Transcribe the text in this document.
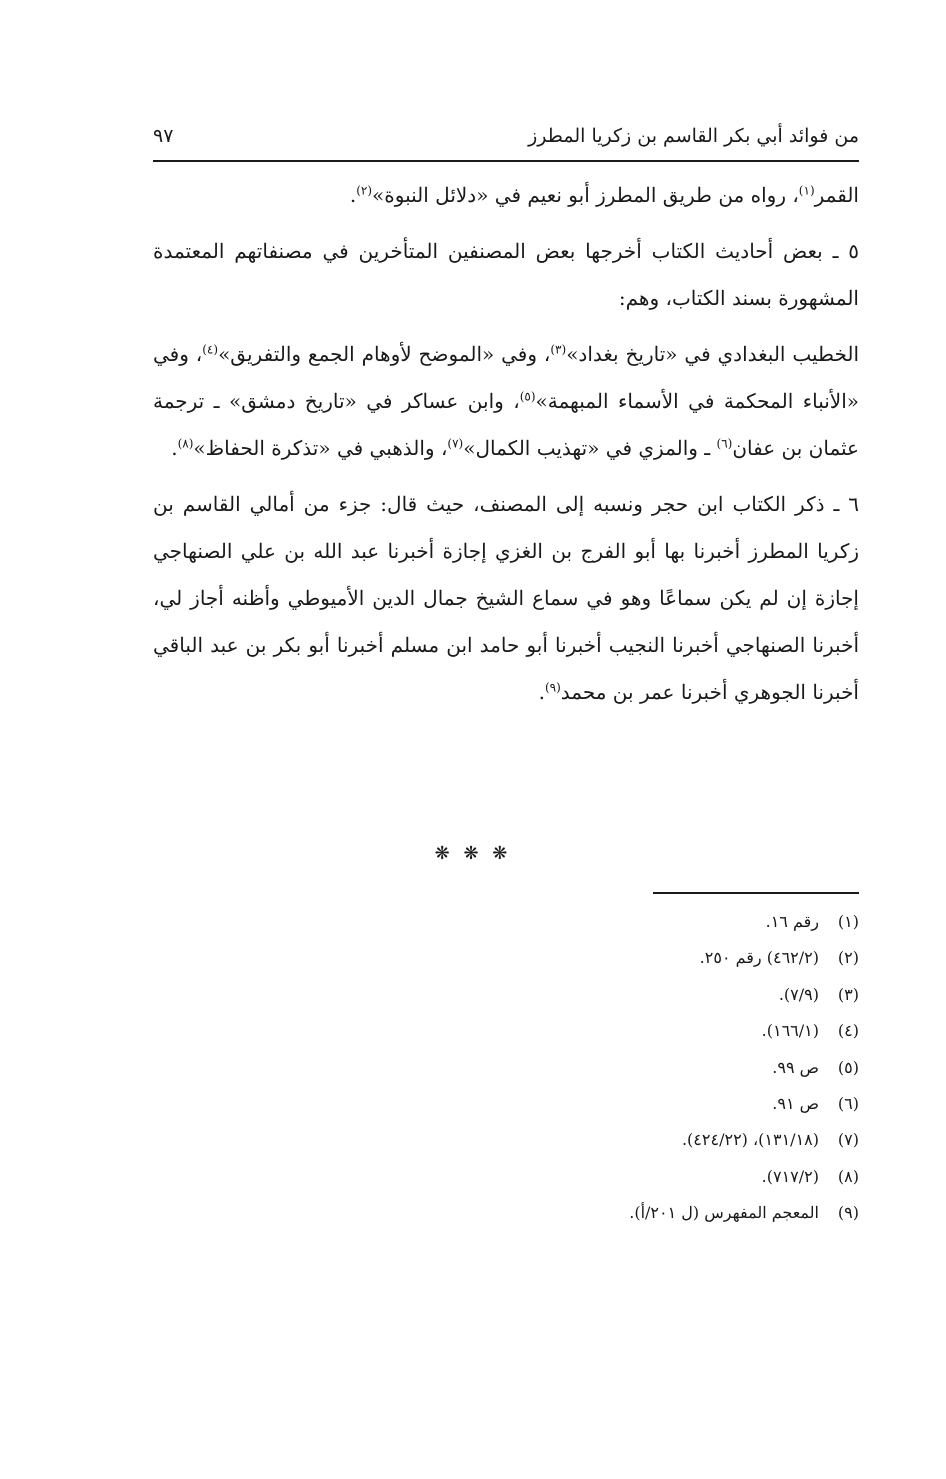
من فوائد أبي بكر القاسم بن زكريا المطرز
٩٧

القمر$^{(١)}$، رواه من طريق المطرز أبو نعيم في «دلائل النبوة»$^{(٢)}$.

٥ ـ بعض أحاديث الكتاب أخرجها بعض المصنفين المتأخرين في مصنفاتهم المعتمدة المشهورة بسند الكتاب، وهم:

الخطيب البغدادي في «تاريخ بغداد»$^{(٣)}$، وفي «الموضح لأوهام الجمع والتفريق»$^{(٤)}$، وفي «الأنباء المحكمة في الأسماء المبهمة»$^{(٥)}$، وابن عساكر في «تاريخ دمشق» ـ ترجمة عثمان بن عفان$^{(٦)}$ ـ والمزي في «تهذيب الكمال»$^{(٧)}$، والذهبي في «تذكرة الحفاظ»$^{(٨)}$.

٦ ـ ذكر الكتاب ابن حجر ونسبه إلى المصنف، حيث قال: جزء من أمالي القاسم بن زكريا المطرز أخبرنا بها أبو الفرج بن الغزي إجازة أخبرنا عبد الله بن علي الصنهاجي إجازة إن لم يكن سماعًا وهو في سماع الشيخ جمال الدين الأميوطي وأظنه أجاز لي، أخبرنا الصنهاجي أخبرنا النجيب أخبرنا أبو حامد ابن مسلم أخبرنا أبو بكر بن عبد الباقي أخبرنا الجوهري أخبرنا عمر بن محمد$^{(٩)}$.

❋ ❋ ❋
(١)رقم ١٦.
(٢)(٤٦٢/٢) رقم ٢٥٠.
(٣)(٧/٩).
(٤)(١٦٦/١).
(٥)ص ٩٩.
(٦)ص ٩١.
(٧)(١٣١/١٨)، (٤٢٤/٢٢).
(٨)(٧١٧/٢).
(٩)المعجم المفهرس (ل ٢٠١/أ).
